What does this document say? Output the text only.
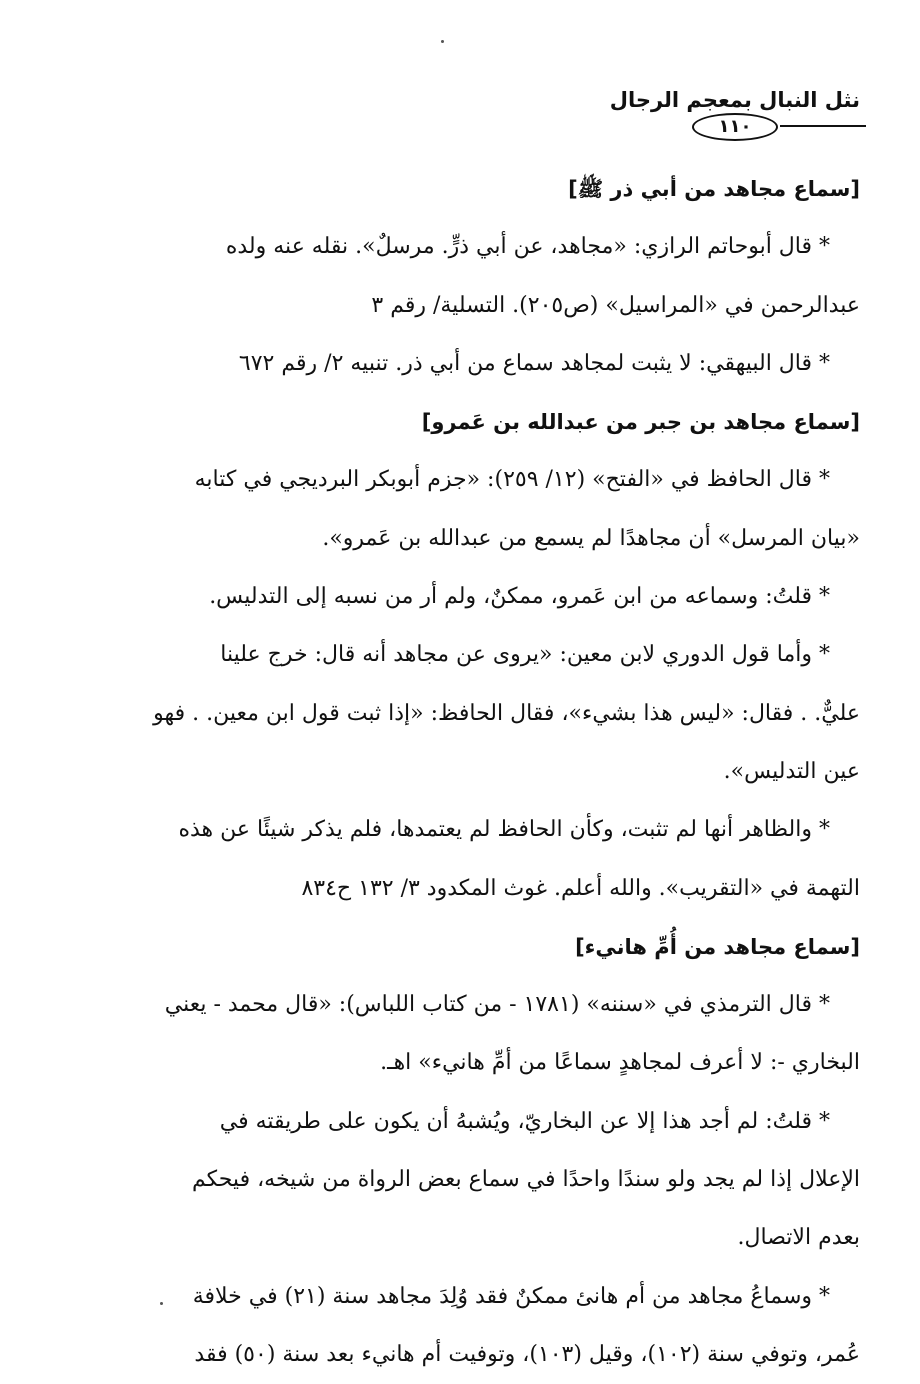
نثل النبال بمعجم الرجال
١١٠
[سماع مجاهد من أبي ذر ﷺ]
* قال أبوحاتم الرازي: «مجاهد، عن أبي ذرٍّ. مرسلٌ». نقله عنه ولده
عبدالرحمن في «المراسيل» (ص٢٠٥). التسلية/ رقم ٣
* قال البيهقي: لا يثبت لمجاهد سماع من أبي ذر. تنبيه ٢/ رقم ٦٧٢
[سماع مجاهد بن جبر من عبدالله بن عَمرو]
* قال الحافظ في «الفتح» (١٢/ ٢٥٩): «جزم أبوبكر البرديجي في كتابه
«بيان المرسل» أن مجاهدًا لم يسمع من عبدالله بن عَمرو».
* قلتُ: وسماعه من ابن عَمرو، ممكنٌ، ولم أر من نسبه إلى التدليس.
* وأما قول الدوري لابن معين: «يروى عن مجاهد أنه قال: خرج علينا
عليٌّ. . فقال: «ليس هذا بشيء»، فقال الحافظ: «إذا ثبت قول ابن معين. . فهو
عين التدليس».
* والظاهر أنها لم تثبت، وكأن الحافظ لم يعتمدها، فلم يذكر شيئًا عن هذه
التهمة في «التقريب». والله أعلم. غوث المكدود ٣/ ١٣٢ ح٨٣٤
[سماع مجاهد من أُمِّ هانيء]
* قال الترمذي في «سننه» (١٧٨١ - من كتاب اللباس): «قال محمد - يعني
البخاري -: لا أعرف لمجاهدٍ سماعًا من أمِّ هانيء» اهـ.
* قلتُ: لم أجد هذا إلا عن البخاريّ، ويُشبهُ أن يكون على طريقته في
الإعلال إذا لم يجد ولو سندًا واحدًا في سماع بعض الرواة من شيخه، فيحكم
بعدم الاتصال.
* وسماعُ مجاهد من أم هانئ ممكنٌ فقد وُلِدَ مجاهد سنة (٢١) في خلافة
عُمر، وتوفي سنة (١٠٢)، وقيل (١٠٣)، وتوفيت أم هانيء بعد سنة (٥٠) فقد
